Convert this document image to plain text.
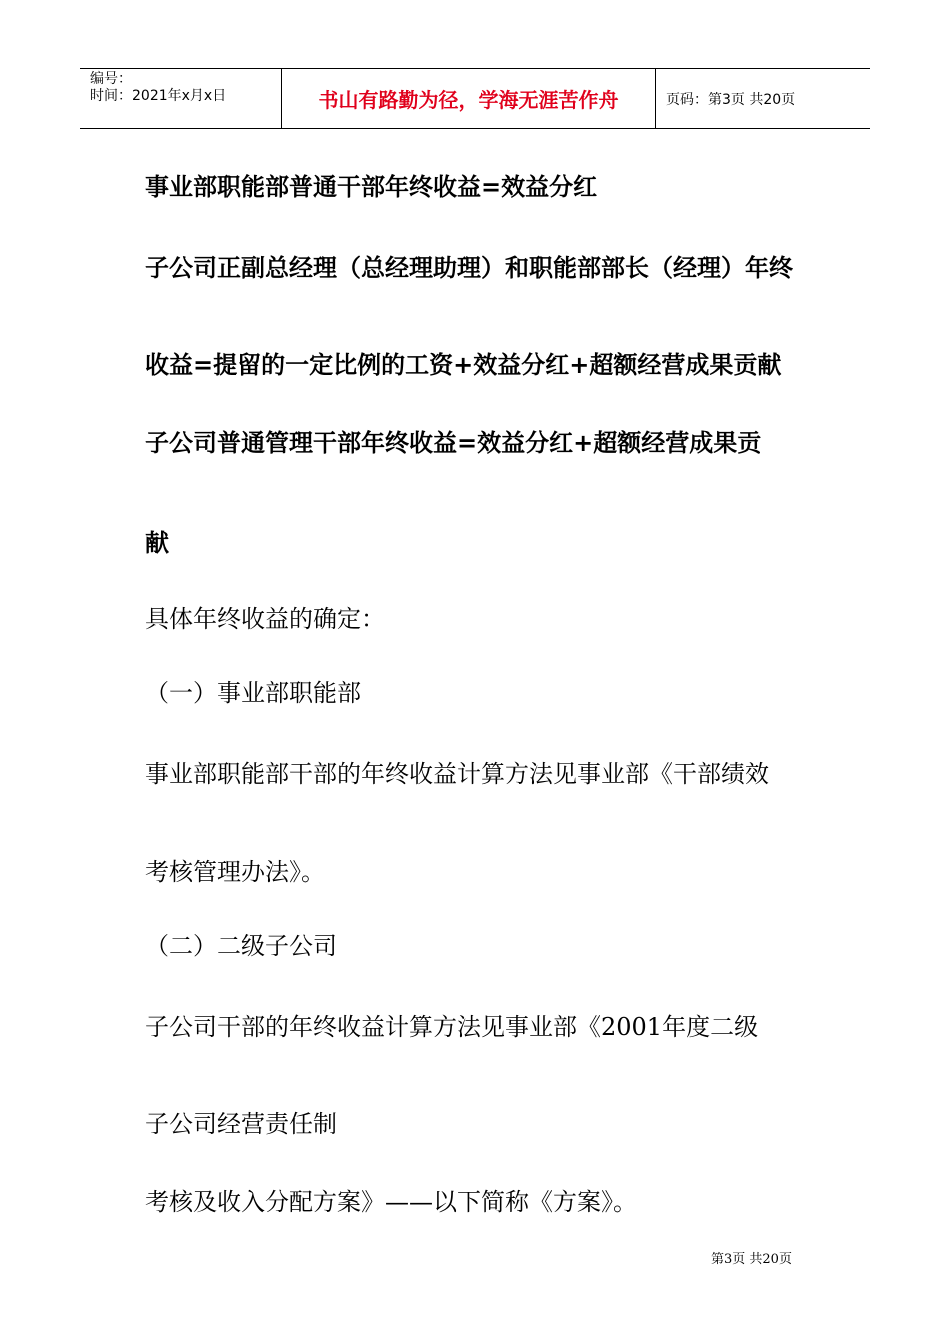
编号：
时间：2021年x月x日	书山有路勤为径，学海无涯苦作舟	页码：第3页 共20页
事业部职能部普通干部年终收益=效益分红
子公司正副总经理（总经理助理）和职能部部长（经理）年终
收益=提留的一定比例的工资+效益分红+超额经营成果贡献
子公司普通管理干部年终收益=效益分红+超额经营成果贡
献
具体年终收益的确定：
（一）事业部职能部
事业部职能部干部的年终收益计算方法见事业部《干部绩效
考核管理办法》。
（二）二级子公司
子公司干部的年终收益计算方法见事业部《2001年度二级
子公司经营责任制
考核及收入分配方案》——以下简称《方案》。
第3页 共20页
